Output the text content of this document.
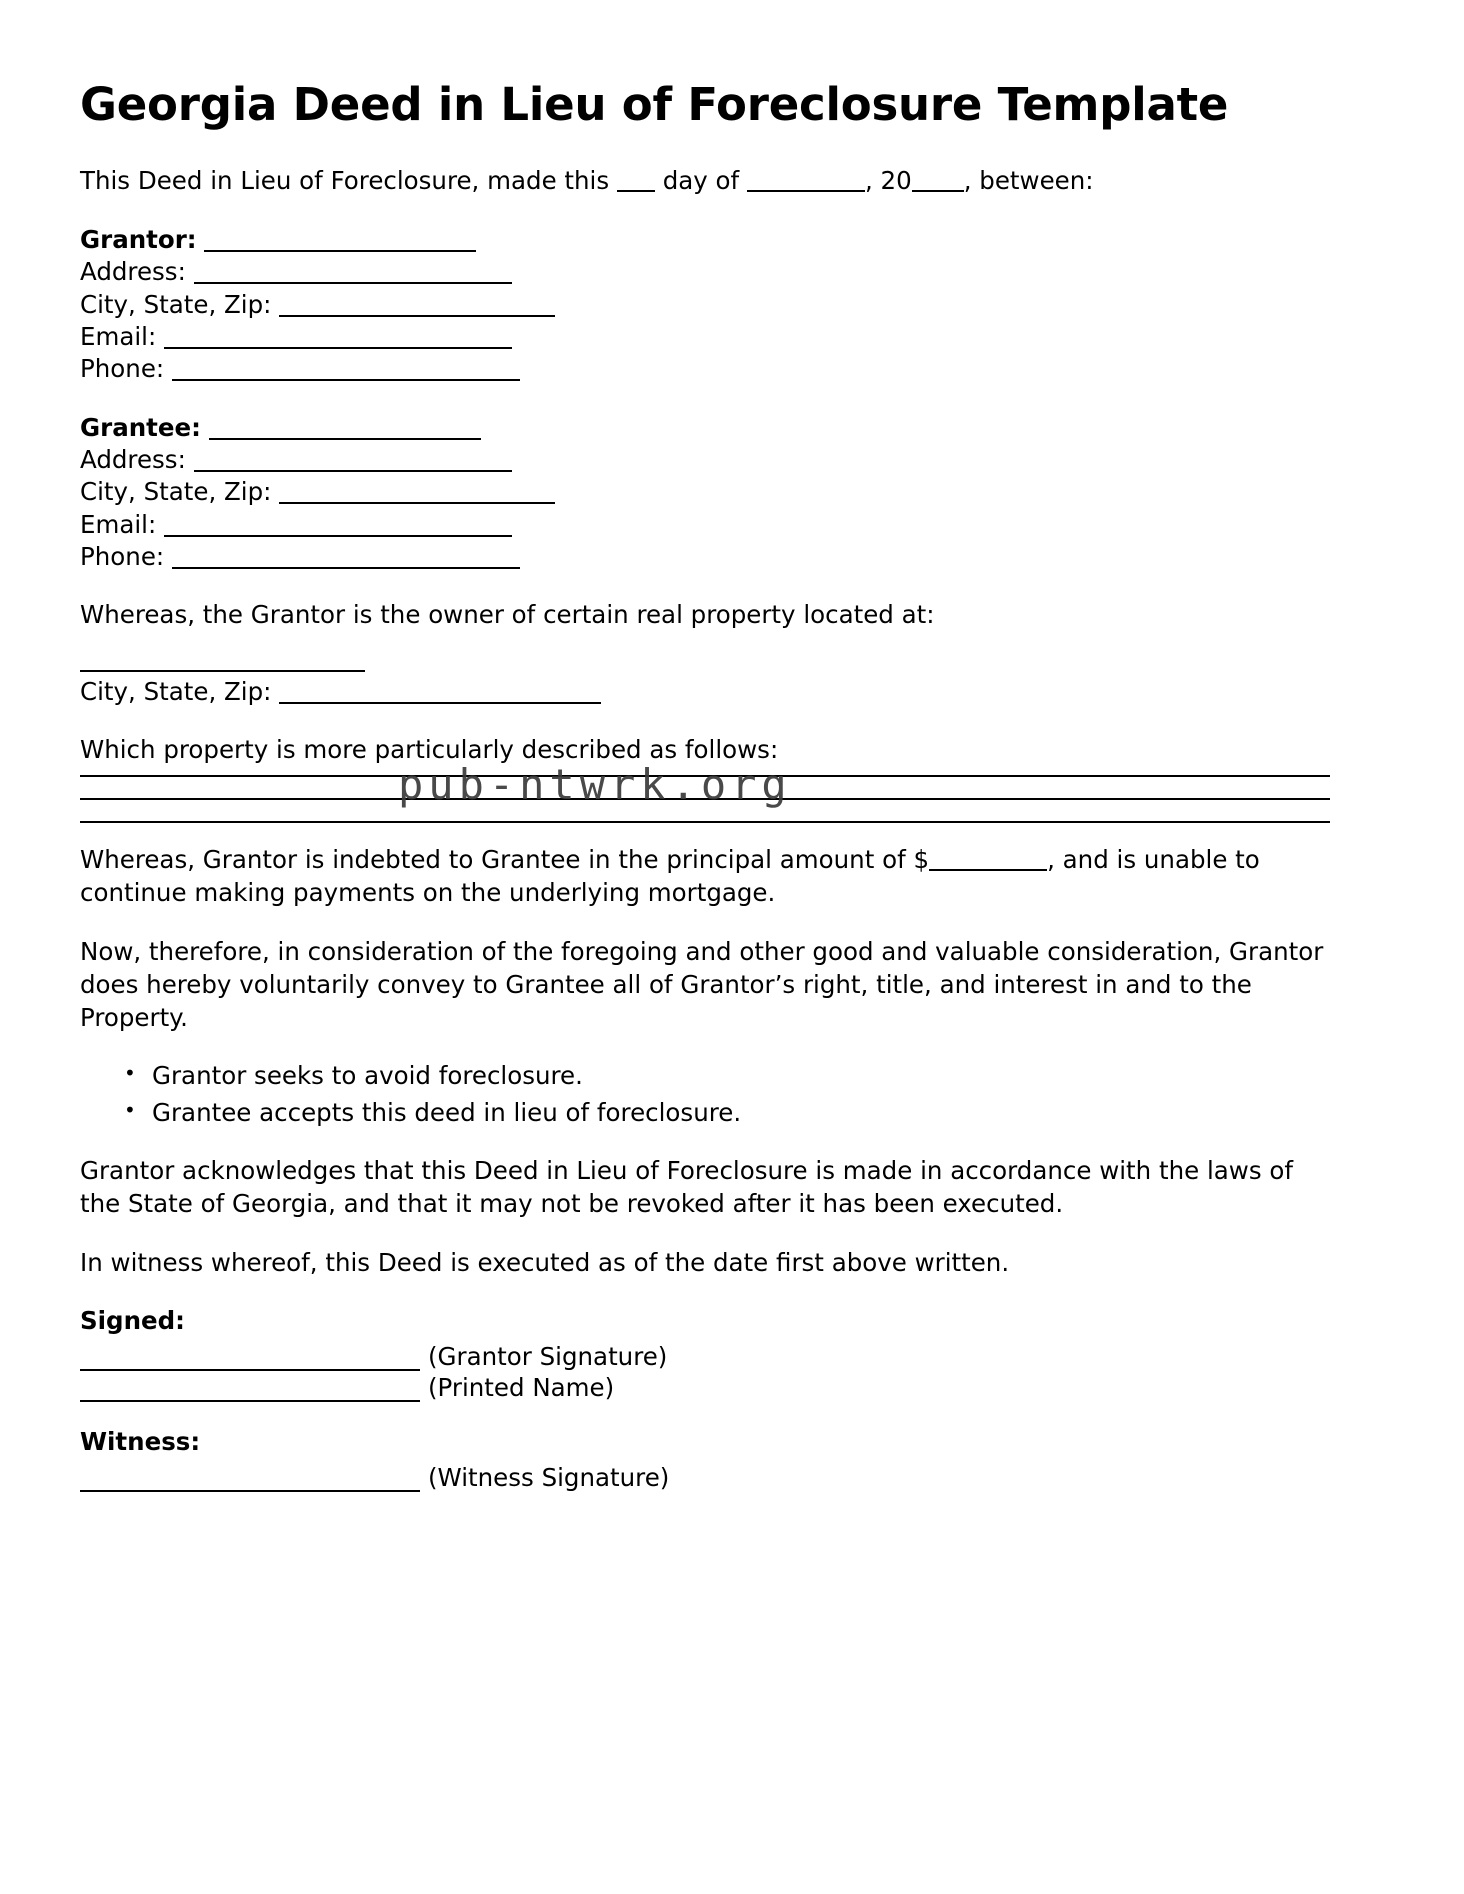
Georgia Deed in Lieu of Foreclosure Template

This Deed in Lieu of Foreclosure, made this  day of	, 20 , between:

Grantor:
Address:
City, State, Zip:
Email:
Phone:
Grantee:
Address:
City, State, Zip:
Email:
Phone:

Whereas, the Grantor is the owner of certain real property located at:

City, State, Zip:

Which property is more particularly described as follows:

Whereas, Grantor is indebted to Grantee in the principal amount of $	, and is unable to continue making payments on the underlying mortgage.

Now, therefore, in consideration of the foregoing and other good and valuable consideration, Grantor does hereby voluntarily convey to Grantee all of Grantor’s right, title, and interest in and to the Property.

• Grantor seeks to avoid foreclosure.
• Grantee accepts this deed in lieu of foreclosure.

Grantor acknowledges that this Deed in Lieu of Foreclosure is made in accordance with the laws of the State of Georgia, and that it may not be revoked after it has been executed.

In witness whereof, this Deed is executed as of the date first above written.

Signed:
(Grantor Signature)
(Printed Name)
Witness:
(Witness Signature)
pub-ntwrk.org
